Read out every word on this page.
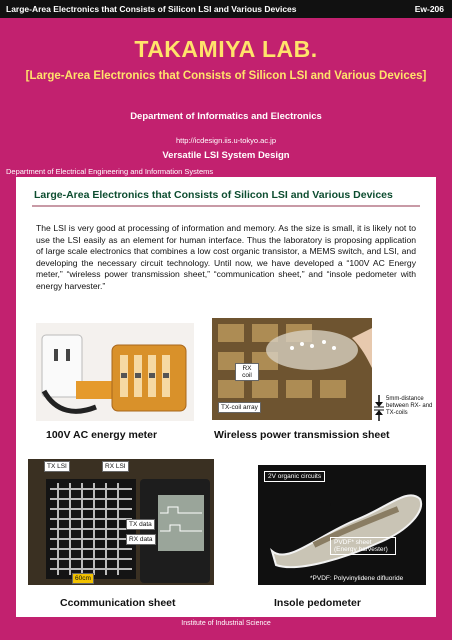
Large-Area Electronics that Consists of Silicon LSI and Various Devices	Ew-206
TAKAMIYA LAB.
[Large-Area Electronics that Consists of Silicon LSI and Various Devices]
Department of Informatics and Electronics
http://icdesign.iis.u-tokyo.ac.jp
Versatile LSI System Design
Department of Electrical Engineering and Information Systems
Large-Area Electronics that Consists of Silicon LSI and Various Devices
The LSI is very good at processing of information and memory. As the size is small, it is likely not to use the LSI easily as an element for human interface. Thus the laboratory is proposing application of large scale electronics that combines a low cost organic transistor, a MEMS switch, and LSI, and developing the necessary circuit technology. Until now, we have developed a “100V AC Energy meter,” “wireless power transmission sheet,” “communication sheet,” and “insole pedometer with energy harvester.”
100V AC energy meter
RX coil
TX-coil array
5mm-distance between RX- and TX-coils
Wireless power transmission sheet
TX LSI	RX LSI
TX data
RX data
60cm
Ccommunication sheet
2V organic circuits
22cm
PVDF* sheet (Energy harvester)
*PVDF: Polyvinylidene difluoride
Insole pedometer
Institute of Industrial Science
